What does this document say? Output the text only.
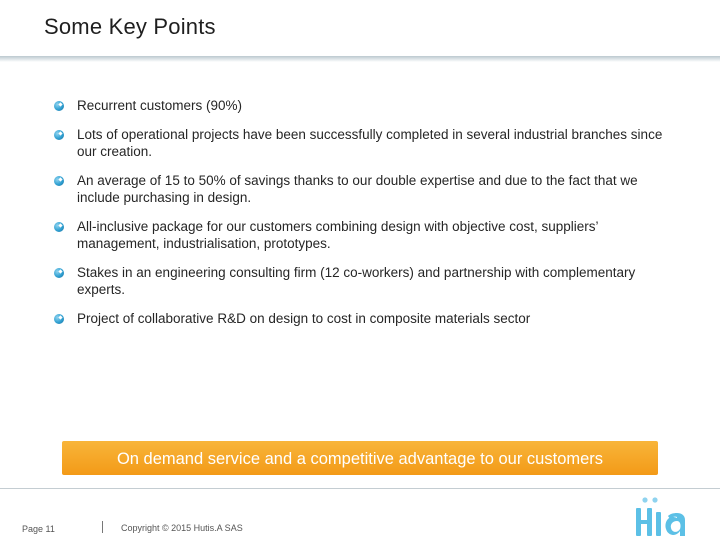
Some Key Points
Recurrent customers (90%)
Lots of operational projects have been successfully completed in several industrial branches since our creation.
An average of 15 to 50% of savings thanks to our double expertise and due to the fact that we include purchasing in design.
All-inclusive package for our customers combining design with objective cost, suppliers’ management, industrialisation, prototypes.
Stakes in an engineering consulting firm (12 co-workers) and partnership with complementary experts.
Project of collaborative R&D on design to cost in composite materials sector
On demand service and a competitive advantage to our customers
Page 11	Copyright © 2015 Hutis.A SAS
